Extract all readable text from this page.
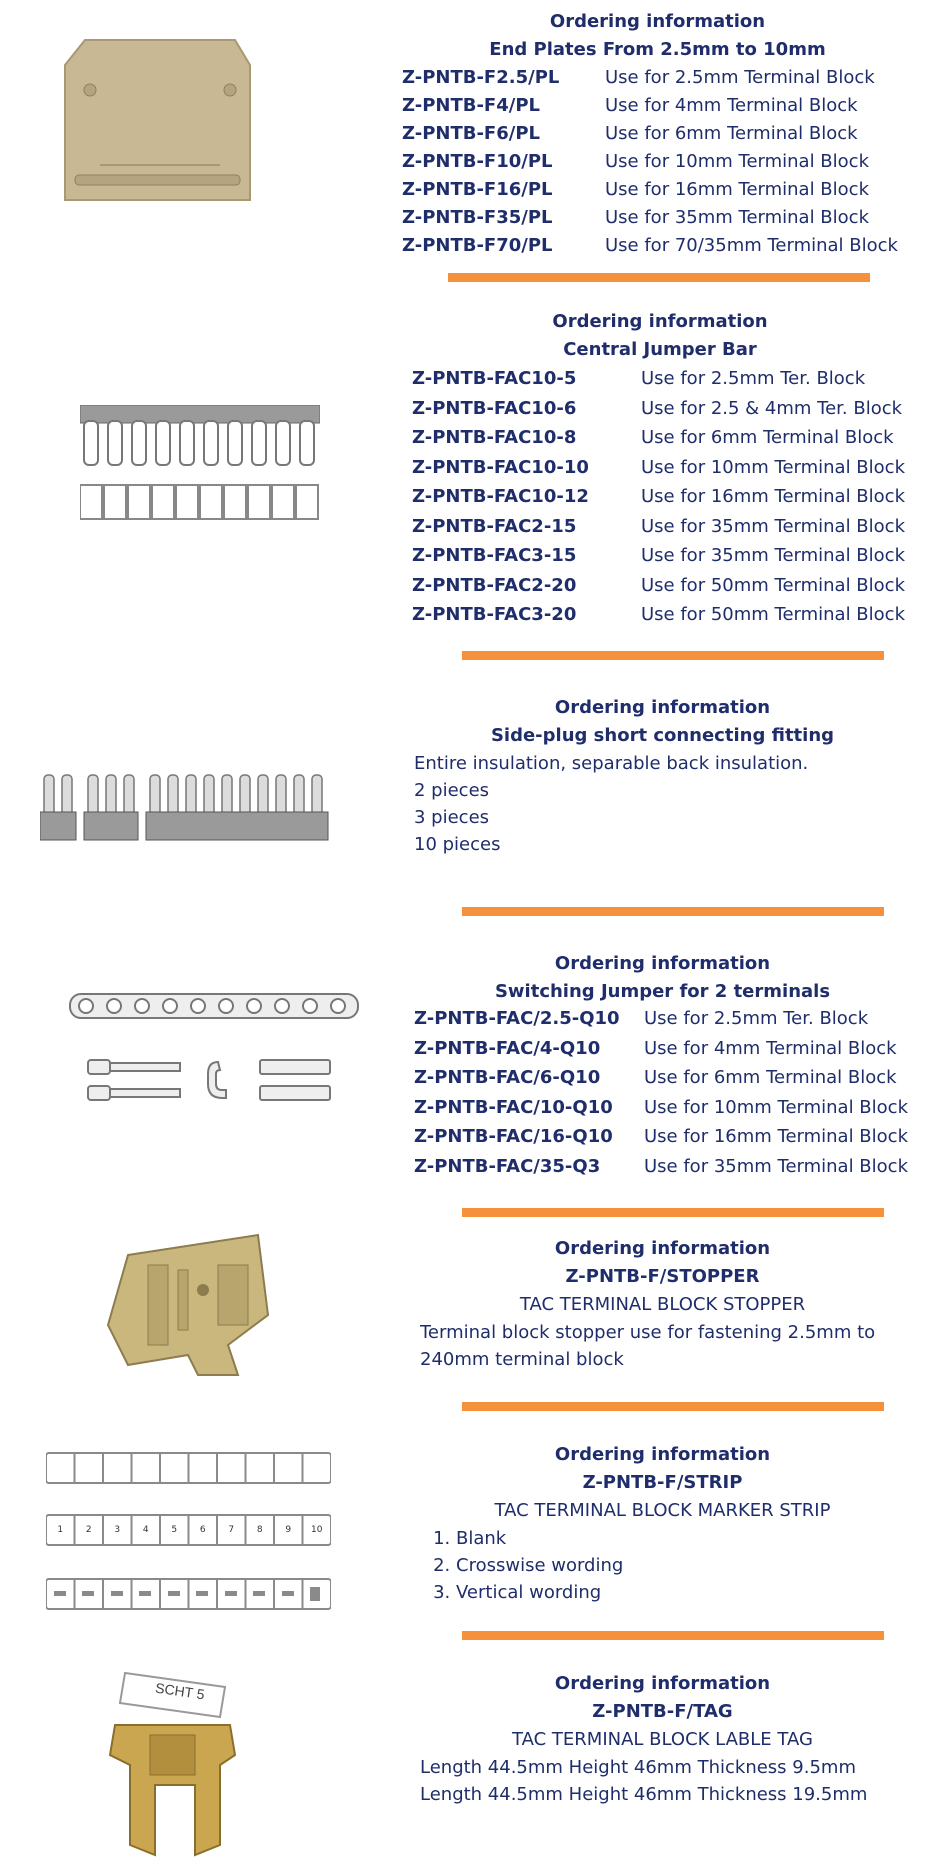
Ordering information
End Plates From 2.5mm to 10mm
Z-PNTB-F2.5/PL	Use for 2.5mm Terminal Block
Z-PNTB-F4/PL	Use for 4mm Terminal Block
Z-PNTB-F6/PL	Use for 6mm Terminal Block
Z-PNTB-F10/PL	Use for 10mm Terminal Block
Z-PNTB-F16/PL	Use for 16mm Terminal Block
Z-PNTB-F35/PL	Use for 35mm Terminal Block
Z-PNTB-F70/PL	Use for 70/35mm Terminal Block
Ordering information
Central Jumper Bar
Z-PNTB-FAC10-5	Use for 2.5mm Ter. Block
Z-PNTB-FAC10-6	Use for 2.5 & 4mm Ter. Block
Z-PNTB-FAC10-8	Use for 6mm Terminal Block
Z-PNTB-FAC10-10	Use for 10mm Terminal Block
Z-PNTB-FAC10-12	Use for 16mm Terminal Block
Z-PNTB-FAC2-15	Use for 35mm Terminal Block
Z-PNTB-FAC3-15	Use for 35mm Terminal Block
Z-PNTB-FAC2-20	Use for 50mm Terminal Block
Z-PNTB-FAC3-20	Use for 50mm Terminal Block
Ordering information
Side-plug short connecting fitting
Entire insulation, separable back insulation.
2 pieces
3 pieces
10 pieces
Ordering information
Switching Jumper for 2 terminals
Z-PNTB-FAC/2.5-Q10	Use for 2.5mm Ter. Block
Z-PNTB-FAC/4-Q10	Use for 4mm Terminal Block
Z-PNTB-FAC/6-Q10	Use for 6mm Terminal Block
Z-PNTB-FAC/10-Q10	Use for 10mm Terminal Block
Z-PNTB-FAC/16-Q10	Use for 16mm Terminal Block
Z-PNTB-FAC/35-Q3	Use for 35mm Terminal Block
Ordering information
Z-PNTB-F/STOPPER
TAC TERMINAL BLOCK STOPPER
Terminal block stopper use for fastening 2.5mm to 240mm terminal block
1	2	3	4	5	6	7	8	9	10
Ordering information
Z-PNTB-F/STRIP
TAC TERMINAL BLOCK MARKER STRIP
1. Blank
2. Crosswise wording
3. Vertical wording
SCHT 5	Ordering information
Z-PNTB-F/TAG
TAC TERMINAL BLOCK LABLE TAG
Length 44.5mm Height 46mm Thickness 9.5mm
Length 44.5mm Height 46mm Thickness 19.5mm
